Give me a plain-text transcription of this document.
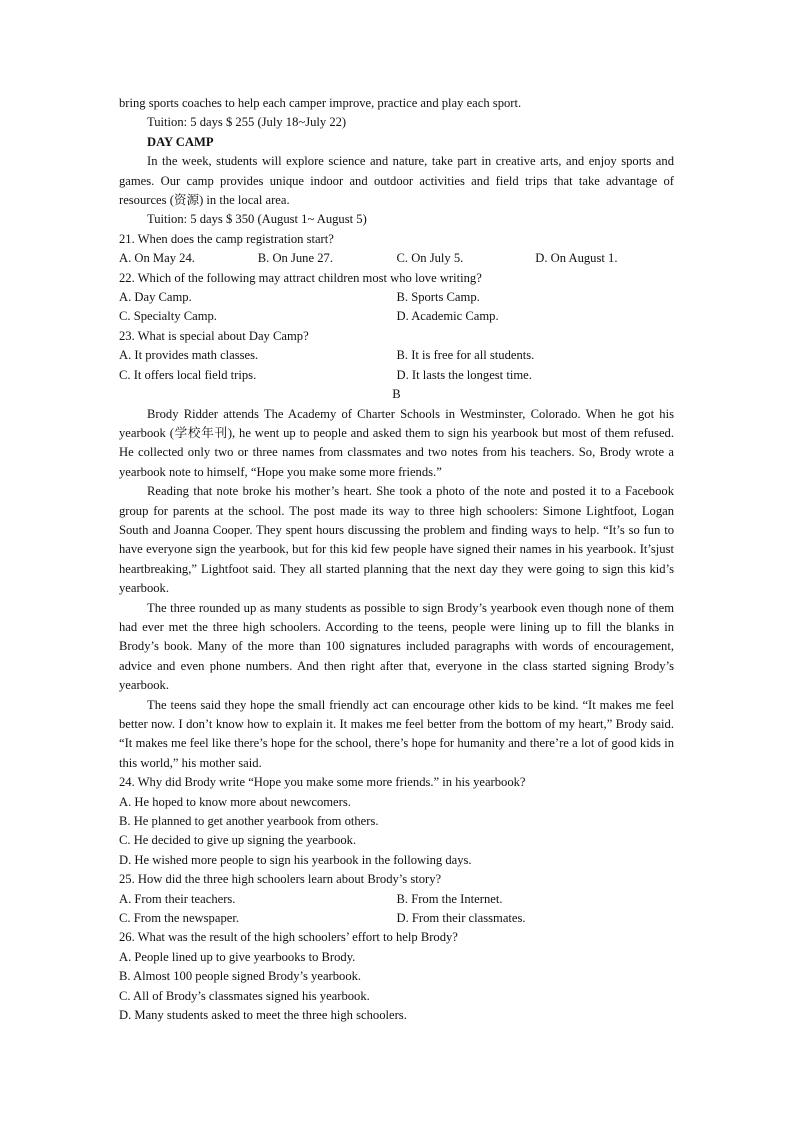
bring sports coaches to help each camper improve, practice and play each sport.

Tuition: 5 days $ 255 (July 18~July 22)

DAY CAMP

In the week, students will explore science and nature, take part in creative arts, and enjoy sports and games. Our camp provides unique indoor and outdoor activities and field trips that take advantage of resources (资源) in the local area.

Tuition: 5 days $ 350 (August 1~ August 5)

21. When does the camp registration start?

A. On May 24.	B. On June 27.	C. On July 5.	D. On August 1.

22. Which of the following may attract children most who love writing?

A. Day Camp.	B. Sports Camp.
C. Specialty Camp.	D. Academic Camp.

23. What is special about Day Camp?

A. It provides math classes.	B. It is free for all students.
C. It offers local field trips.	D. It lasts the longest time.

B

Brody Ridder attends The Academy of Charter Schools in Westminster, Colorado. When he got his yearbook (学校年刊), he went up to people and asked them to sign his yearbook but most of them refused. He collected only two or three names from classmates and two notes from his teachers. So, Brody wrote a yearbook note to himself, “Hope you make some more friends.”

Reading that note broke his mother’s heart. She took a photo of the note and posted it to a Facebook group for parents at the school. The post made its way to three high schoolers: Simone Lightfoot, Logan South and Joanna Cooper. They spent hours discussing the problem and finding ways to help. “It’s so fun to have everyone sign the yearbook, but for this kid few people have signed their names in his yearbook. It’sjust heartbreaking,” Lightfoot said. They all started planning that the next day they were going to sign this kid’s yearbook.

The three rounded up as many students as possible to sign Brody’s yearbook even though none of them had ever met the three high schoolers. According to the teens, people were lining up to fill the blanks in Brody’s book. Many of the more than 100 signatures included paragraphs with words of encouragement, advice and even phone numbers. And then right after that, everyone in the class started signing Brody’s yearbook.

The teens said they hope the small friendly act can encourage other kids to be kind. “It makes me feel better now. I don’t know how to explain it. It makes me feel better from the bottom of my heart,” Brody said. “It makes me feel like there’s hope for the school, there’s hope for humanity and there’re a lot of good kids in this world,” his mother said.

24. Why did Brody write “Hope you make some more friends.” in his yearbook?

A. He hoped to know more about newcomers.

B. He planned to get another yearbook from others.

C. He decided to give up signing the yearbook.

D. He wished more people to sign his yearbook in the following days.

25. How did the three high schoolers learn about Brody’s story?

A. From their teachers.	B. From the Internet.
C. From the newspaper.	D. From their classmates.

26. What was the result of the high schoolers’ effort to help Brody?

A. People lined up to give yearbooks to Brody.

B. Almost 100 people signed Brody’s yearbook.

C. All of Brody’s classmates signed his yearbook.

D. Many students asked to meet the three high schoolers.
